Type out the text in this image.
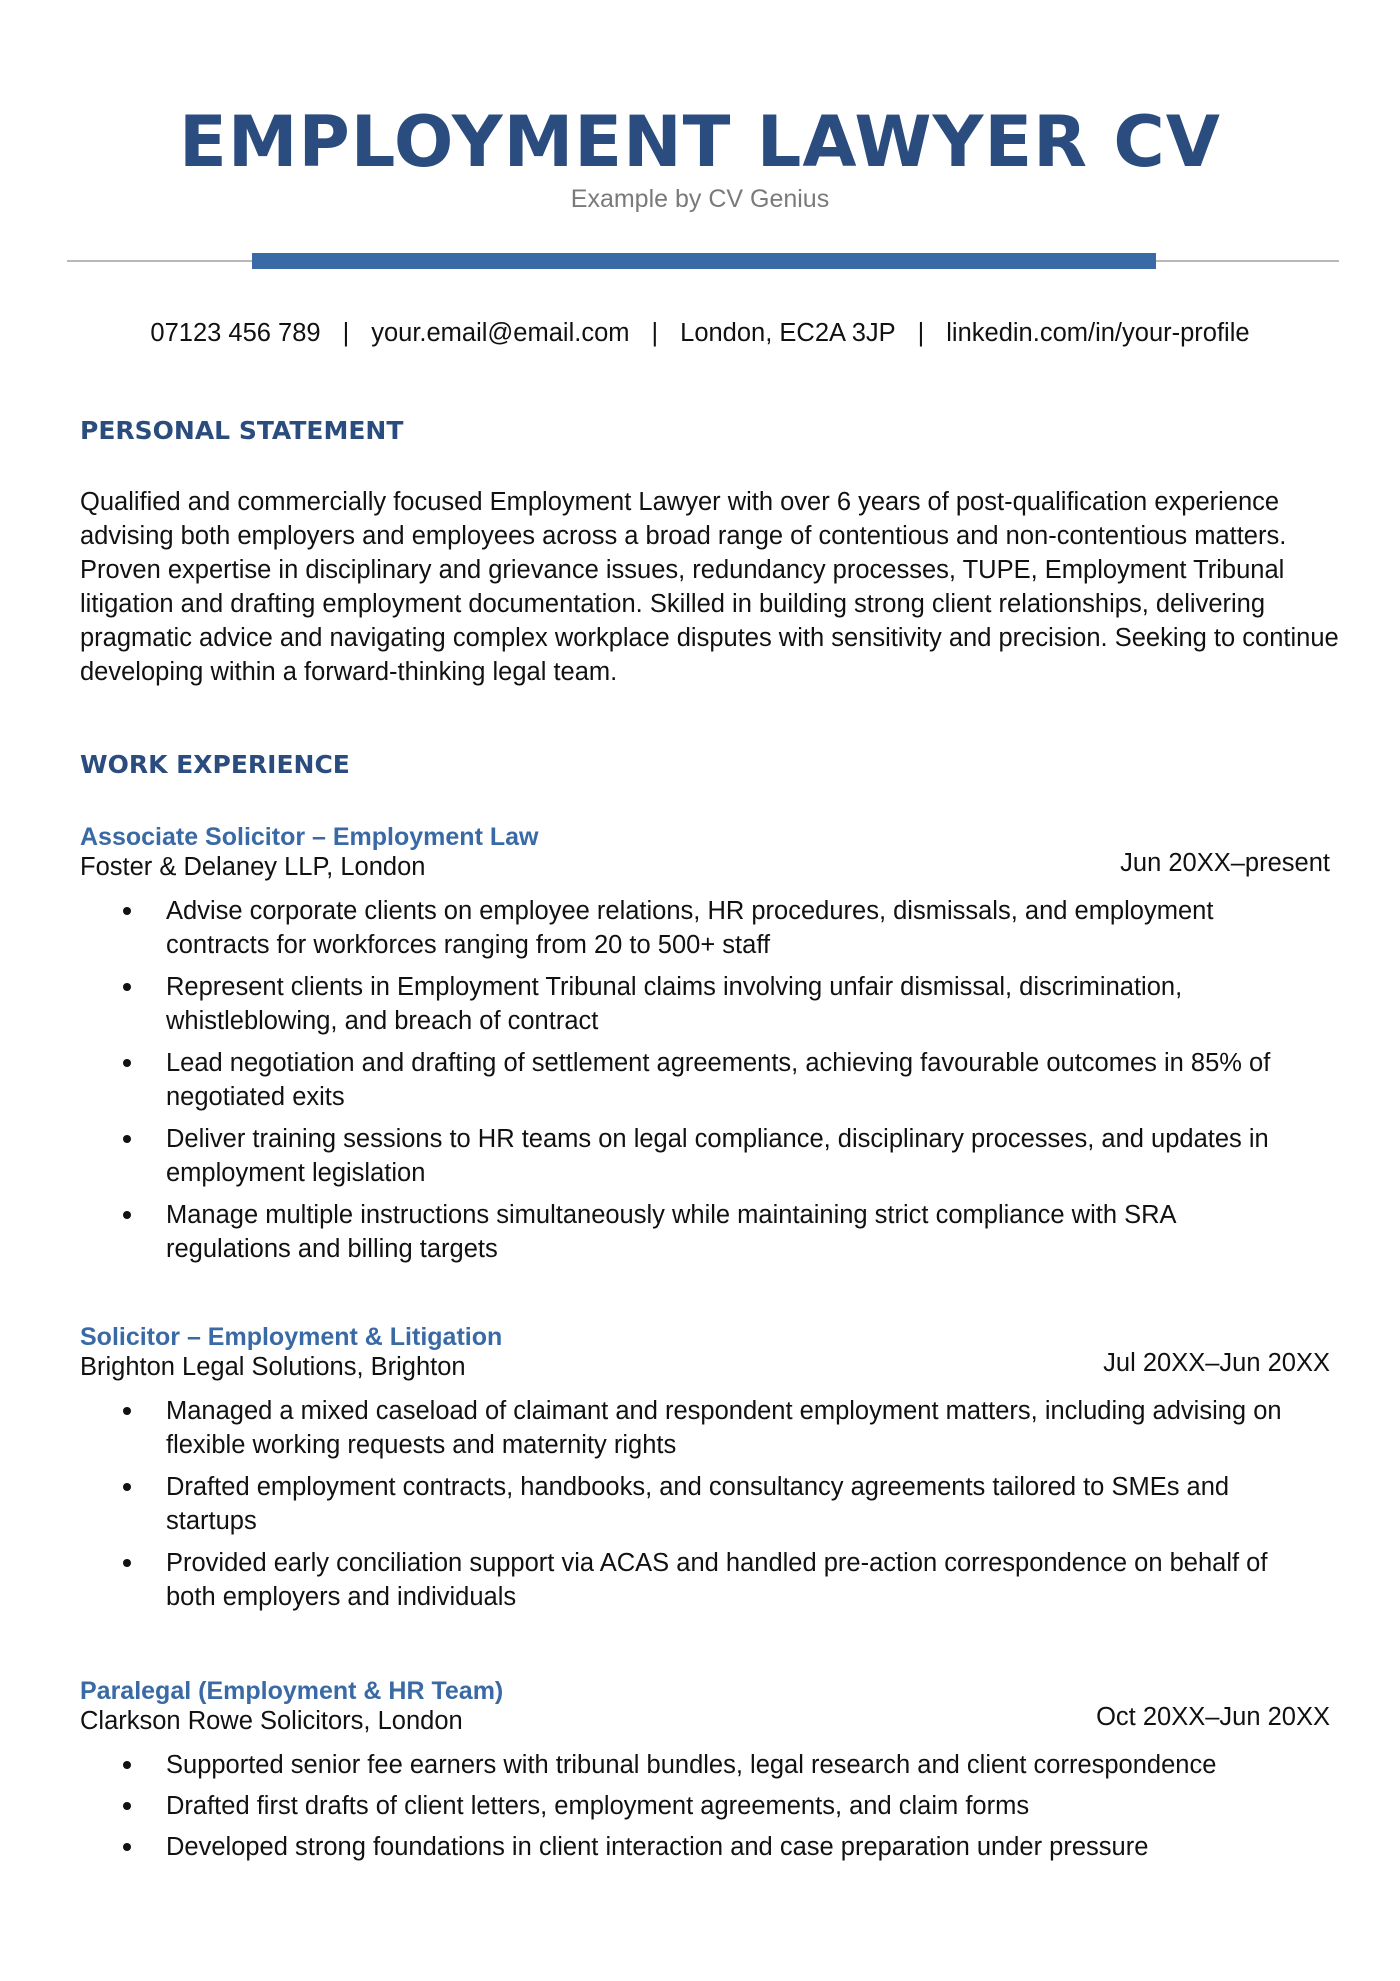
EMPLOYMENT LAWYER CV
Example by CV Genius
07123 456 789 | your.email@email.com | London, EC2A 3JP | linkedin.com/in/your-profile
PERSONAL STATEMENT
Qualified and commercially focused Employment Lawyer with over 6 years of post-qualification experience advising both employers and employees across a broad range of contentious and non-contentious matters. Proven expertise in disciplinary and grievance issues, redundancy processes, TUPE, Employment Tribunal litigation and drafting employment documentation. Skilled in building strong client relationships, delivering pragmatic advice and navigating complex workplace disputes with sensitivity and precision. Seeking to continue developing within a forward-thinking legal team.
WORK EXPERIENCE
Associate Solicitor – Employment Law
Foster & Delaney LLP, London	Jun 20XX–present
Advise corporate clients on employee relations, HR procedures, dismissals, and employment contracts for workforces ranging from 20 to 500+ staff
Represent clients in Employment Tribunal claims involving unfair dismissal, discrimination, whistleblowing, and breach of contract
Lead negotiation and drafting of settlement agreements, achieving favourable outcomes in 85% of negotiated exits
Deliver training sessions to HR teams on legal compliance, disciplinary processes, and updates in employment legislation
Manage multiple instructions simultaneously while maintaining strict compliance with SRA regulations and billing targets
Solicitor – Employment & Litigation
Brighton Legal Solutions, Brighton	Jul 20XX–Jun 20XX
Managed a mixed caseload of claimant and respondent employment matters, including advising on flexible working requests and maternity rights
Drafted employment contracts, handbooks, and consultancy agreements tailored to SMEs and startups
Provided early conciliation support via ACAS and handled pre-action correspondence on behalf of both employers and individuals
Paralegal (Employment & HR Team)
Clarkson Rowe Solicitors, London	Oct 20XX–Jun 20XX
Supported senior fee earners with tribunal bundles, legal research and client correspondence
Drafted first drafts of client letters, employment agreements, and claim forms
Developed strong foundations in client interaction and case preparation under pressure
